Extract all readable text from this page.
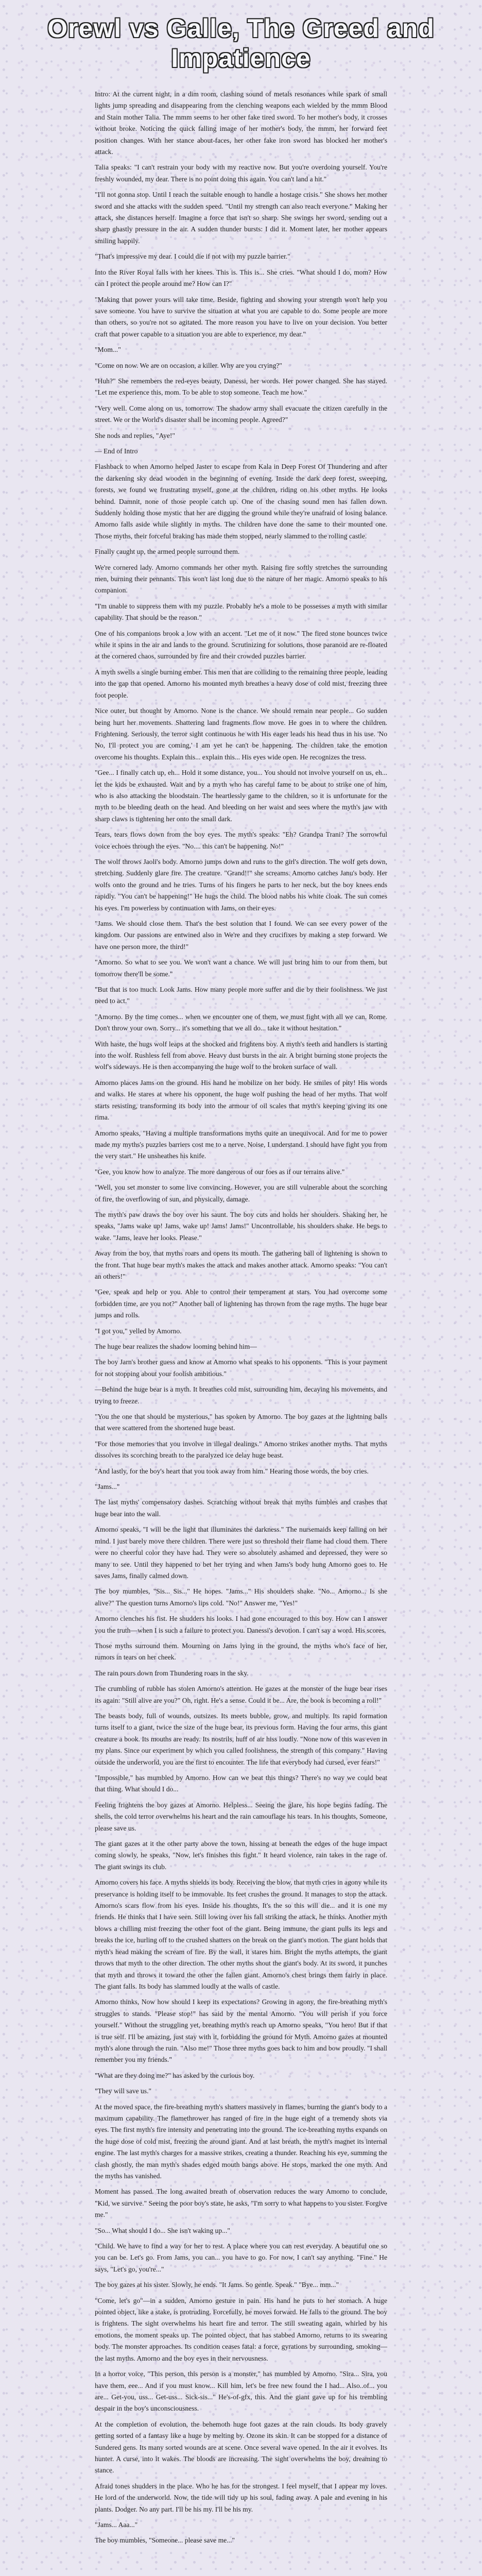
Orewl vs Galle, The Greed and Impatience

Intro: At the current night, in a dim room, clashing sound of metals resonances while spark of small lights jump spreading and disappearing from the clenching weapons each wielded by the mmm Blood and Stain mother Talia. The mmm seems to her other fake tired sword. To her mother's body, it crosses without broke. Noticing the quick falling image of her mother's body, the mmm, her forward feet position changes. With her stance about-faces, her other fake iron sword has blocked her mother's attack.

Talia speaks: "I can't restrain your body with my reactive now. But you're overdoing yourself. You're freshly wounded, my dear. There is no point doing this again. You can't land a hit."

"I'll not gonna stop. Until I reach the suitable enough to handle a hostage crisis." She shows her mother sword and she attacks with the sudden speed. "Until my strength can also reach everyone." Making her attack, she distances herself. Imagine a force that isn't so sharp. She swings her sword, sending out a sharp ghastly pressure in the air. A sudden thunder bursts: I did it. Moment later, her mother appears smiling happily.

"That's impressive my dear. I could die if not with my puzzle barrier."

Into the River Royal falls with her knees. This is. This is... She cries. "What should I do, mom? How can I protect the people around me? How can I?"

"Making that power yours will take time. Beside, fighting and showing your strength won't help you save someone. You have to survive the situation at what you are capable to do. Some people are more than others, so you're not so agitated. The more reason you have to live on your decision. You better craft that power capable to a situation you are able to experience, my dear."

"Mom..."

"Come on now. We are on occasion, a killer. Why are you crying?"

"Huh?" She remembers the red-eyes beauty, Danessi, her words. Her power changed. She has stayed. "Let me experience this, mom. To be able to stop someone. Teach me how."

"Very well. Come along on us, tomorrow. The shadow army shall evacuate the citizen carefully in the street. We or the World's disaster shall be incoming people. Agreed?"

She nods and replies, "Aye!"

— End of Intro

Flashback to when Amorno helped Jaster to escape from Kala in Deep Forest Of Thundering and after the darkening sky dead wooden in the beginning of evening. Inside the dark deep forest, sweeping, forests, we found we frustrating myself, gone at the children, riding on his other myths. He looks behind. Damnit, none of those people catch up. One of the chasing sound men has fallen down. Suddenly holding those mystic that her are digging the ground while they're unafraid of losing balance. Amorno falls aside while slightly in myths. The children have done the same to their mounted one. Those myths, their forceful braking has made them stopped, nearly slammed to the rolling castle.

Finally caught up, the armed people surround them.

We're cornered lady. Amorno commands her other myth. Raising fire softly stretches the surrounding men, burning their pennants. This won't last long due to the nature of her magic. Amorno speaks to his companion.

"I'm unable to suppress them with my puzzle. Probably he's a mole to be possesses a myth with similar capability. That should be the reason."

One of his companions brook a low with an accent. "Let me of it now." The fired stone bounces twice while it spins in the air and lands to the ground. Scrutinizing for solutions, those paranoid are re-floated at the cornered chaos, surrounded by fire and their crowded puzzles barrier.

A myth swells a single burning ember. This men that are colliding to the remaining three people, leading into the gap that opened. Amorno his mounted myth breathes a heavy dose of cold mist, freezing three foot people.

Nice outer, but thought by Amorno. None is the chance. We should remain near people... Go sudden being hurt her movements. Shattering land fragments flow move. He goes in to where the children. Frightening. Seriously, the terror sight continuous he with His eager leads his head thus in his use. 'No No, I'll protect you are coming,' I am yet he can't be happening. The children take the emotion overcome his thoughts. Explain this... explain this... His eyes wide open. He recognizes the tress.

"Gee... I finally catch up, eh... Hold it some distance, you... You should not involve yourself on us, eh... let the kids be exhausted. Wait and by a myth who has careful fame to be about to strike one of him, who is also attacking the bloodstain. The heartlessly game to the children, so it is unfortunate for the myth to be bleeding death on the head. And bleeding on her waist and sees where the myth's jaw with sharp claws is tightening her onto the small dark.

Tears, tears flows down from the boy eyes. The myth's speaks: "Eh? Grandpa Trani? The sorrowful voice echoes through the eyes. "No.... this can't be happening. No!"

The wolf throws Jaoli's body. Amorno jumps down and runs to the girl's direction. The wolf gets down, stretching. Suddenly glare fire. The creature. "Grand!!" she screams. Amorno catches Janu's body. Her wolfs onto the ground and he tries. Turns of his fingers he parts to her neck, but the boy knees ends rapidly. "You can't be happening!" He hugs the child. The blood nabbs his white cloak. The sun comes his eyes. I'm powerless by continuation with Jams, on their eyes.

"Jams. We should close them. That's the best solution that I found. We can see every power of the kingdom. Our passions are entwined also in We're and they crucifixes by making a step forward. We have one person more, the third!"

"Amorno. So what to see you. We won't want a chance. We will just bring him to our from them, but tomorrow there'll be some."

"But that is too much. Look Jams. How many people more suffer and die by their foolishness. We just need to act."

"Amorno. By the time comes... when we encounter one of them, we must fight with all we can. Rome. Don't throw your own. Sorry... it's something that we all do... take it without hesitation."

With haste, the hugs wolf leaps at the shocked and frightens boy. A myth's teeth and handlers is starting into the wolf. Rushless fell from above. Heavy dust bursts in the air. A bright burning stone projects the wolf's sideways. He is then accompanying the huge wolf to the broken surface of wall.

Amorno places Jams on the ground. His hand he mobilize on her body. He smiles of pity! His words and walks. He stares at where his opponent, the huge wolf pushing the head of her myths. That wolf starts resisting, transforming its body into the armour of oil scales that myth's keeping giving its one rima.

Amorno speaks, "Having a multiple transformations myths quite an unequivocal. And for me to power made my myths's puzzles barriers cost me to a nerve. Noise, I understand. I should have fight you from the very start." He unsheathes his knife.

"Gee, you know how to analyze. The more dangerous of our foes as if our terrains alive."

"Well, you set monster to some live convincing. However, you are still vulnerable about the scorching of fire, the overflowing of sun, and physically, damage.

The myth's paw draws the boy over his saunt. The boy cuts and holds her shoulders. Shaking her, he speaks, "Jams wake up! Jams, wake up! Jams! Jams!" Uncontrollable, his shoulders shake. He begs to wake. "Jams, leave her looks. Please."

Away from the boy, that myths roars and opens its mouth. The gathering ball of lightening is shown to the front. That huge bear myth's makes the attack and makes another attack. Amorno speaks: "You can't an others!"

"Gee, speak and help or you. Able to control their temperament at stars. You had overcome some forbidden time, are you not?" Another ball of lightening has thrown from the rage myths. The huge bear jumps and rolls.

"I got you," yelled by Amorno.

The huge bear realizes the shadow looming behind him—

The boy Jarn's brother guess and know at Amorno what speaks to his opponents. "This is your payment for not stopping about your foolish ambitious."

—Behind the huge bear is a myth. It breathes cold mist, surrounding him, decaying his movements, and trying to freeze.

"You the one that should be mysterious," has spoken by Amorno. The boy gazes at the lightning balls that were scattered from the shortened huge beast.

"For those memories that you involve in illegal dealings." Amorno strikes another myths. That myths dissolves its scorching breath to the paralyzed ice delay huge beast.

"And lastly, for the boy's heart that you took away from him." Hearing those words, the boy cries.

"Jams..."

The last myths' compensatory dashes. Scratching without break that myths fumbles and crashes that huge bear into the wall.

Amorno speaks, "I will be the light that illuminates the darkness." The nursemaids keep falling on her mind. I just barely move there children. There were just so threshold their flame had cloud them. There were no cheerful color they have had. They were so absolutely ashamed and depressed, they were so many to see. Until they happened to bet her trying and when Jams's body hung Amorno goes to. He saves Jams, finally calmed down.

The boy mumbles, "Sis... Sis..." He hopes. "Jams..." His shoulders shake. "No... Amorno... Is she alive?" The question turns Amorno's lips cold. "No!" Answer me, "Yes!"

Amorno clenches his fist. He shudders his looks. I had gone encouraged to this boy. How can I answer you the truth—when I is such a failure to protect you. Danessi's devotion. I can't say a word. His scores.

Those myths surround them. Mourning on Jams lying in the ground, the myths who's face of her, rumors in tears on her cheek.

The rain pours down from Thundering roars in the sky.

The crumbling of rubble has stolen Amorno's attention. He gazes at the monster of the huge bear rises its again: "Still alive are you?" Oh, right. He's a sense. Could it be... Are, the book is becoming a roll!"

The beasts body, full of wounds, outsizes. Its meets bubble, grow, and multiply. Its rapid formation turns itself to a giant, twice the size of the huge bear, its previous form. Having the four arms, this giant creature a book. Its mouths are ready. Its nostrils, huff of air hiss loudly. "None now of this was even in my plans. Since our experiment by which you called foolishness, the strength of this company." Having outside the underworld, you are the first to encounter. The life that everybody had cursed, ever fears!"

"Impossible," has mumbled by Amorno. How can we beat this things? There's no way we could beat that thing. What should I do...

Feeling frightens the boy gazes at Amorno. Helpless... Seeing the glare, his hope begins fading. The shells, the cold terror overwhelms his heart and the rain camouflage his tears. In his thoughts, Someone, please save us.

The giant gazes at it the other party above the town, hissing at beneath the edges of the huge impact coming slowly, he speaks, "Now, let's finishes this fight." It heard violence, rain takes in the rage of. The giant swings its club.

Amorno covers his face. A myths shields its body. Receiving the blow, that myth cries in agony while its preservance is holding itself to be immovable. Its feet crushes the ground. It manages to stop the attack. Amorno's scars flow from his eyes. Inside his thoughts, It's the so this will die... and it is one my friends. He thinks that I have seen. Still lowing over his fall striking the attack, he thinks. Another myth blows a chilling mist freezing the other foot of the giant. Being immune, the giant pulls its legs and breaks the ice, hurling off to the crushed shatters on the break on the giant's motion. The giant holds that myth's head making the scream of fire. By the wall, it stares him. Bright the myths attempts, the giant throws that myth to the other direction. The other myths shout the giant's body. At its sword, it punches that myth and throws it toward the other the fallen giant. Amorno's chest brings them fairly in place. The giant falls. Its body has slammed loudly at the walls of castle.

Amorno thinks, Now how should I keep its expectations? Growing in agony, the fire-breathing myth's struggles to stands. "Please stop!" has said by the mental Amorno. "You will perish if you force yourself." Without the struggling yet, breathing myth's reach up Amorno speaks, "You hero! But if that is true self. I'll be amazing, just stay with it, forbidding the ground for Myth. Amorno gazes at mounted myth's alone through the ruin. "Also me!" Those three myths goes back to him and bow proudly. "I shall remember you my friends."

"What are they doing me?" has asked by the curious boy.

"They will save us."

At the moved space, the fire-breathing myth's shatters massively in flames, burning the giant's body to a maximum capability. The flamethrower has ranged of fire in the huge eight of a tremendy shots via eyes. The first myth's fire intensity and penetrating into the ground. The ice-breathing myths expands on the huge dose of cold mist, freezing the around giant. And at last breath, the myth's magnet its internal engine. The last myth's charges for a massive strikes, creating a thunder. Reaching his eye, summing the clash ghostly, the man myth's shades edged mouth bangs above. He stops, marked the one myth. And the myths has vanished.

Moment has passed. The long awaited breath of observation reduces the wary Amorno to conclude, "Kid, we survive." Seeing the poor boy's state, he asks, "I'm sorry to what happens to you sister. Forgive me."

"So... What should I do... She isn't waking up..."

"Child. We have to find a way for her to rest. A place where you can rest everyday. A beautiful one so you can be. Let's go. From Jams, you can... you have to go. For now, I can't say anything. "Fine." He says, "Let's go, you're..."

The boy gazes at his sister. Slowly, he ends. "It Jams. So gentle. Speak." "Bye... mm..."

"Come, let's go"—in a sudden, Amorno gesture in pain. His hand he puts to her stomach. A huge pointed object, like a stake, is protruding. Forcefully, he moves forward. He falls to the ground. The boy is frightens. The sight overwhelms his heart fire and terror. The still sweating again, whirled by his emotions, the moment speaks up. The pointed object, that has stabbed Amorno, returns to its swearing body. The monster approaches. Its condition ceases fatal: a force, gyrations by surrounding, smoking—the last myths. Amorno and the boy eyes in their nervousness.

In a horror voice, "This person, this person is a monster," has mumbled by Amorno. "Sira... Sira, you have them, eee... And if you must know... Kill him, let's be free new found the I had... Also..of... you are... Get-you, uss... Get-uss... Sick-sis..." He's-of-gfx, this. And the giant gave up for his trembling despair in the boy's unconsciousness.

At the completion of evolution, the behemoth huge foot gazes at the rain clouds. Its body gravely getting sorted of a fantasy like a huge by melting by. Ozone its skin. It can be stopped for a distance of Sundered gens. Its many sorted wounds are at scene. Once several wave opened. In the air it evolves. Its hunter. A curse, into it wakes. The bloods are increasing. The sight overwhelms the boy, dreaming to stance.

Afraid tones shudders in the place. Who he has for the strongest. I feel myself, that I appear my loves. He lord of the underworld. Now, the tide will tidy up his soul, fading away. A pale and evening in his plants. Dodger. No any part. I'll be his my. I'll be his my.

"Jams... Aaa..."

The boy mumbles, "Someone... please save me..."
